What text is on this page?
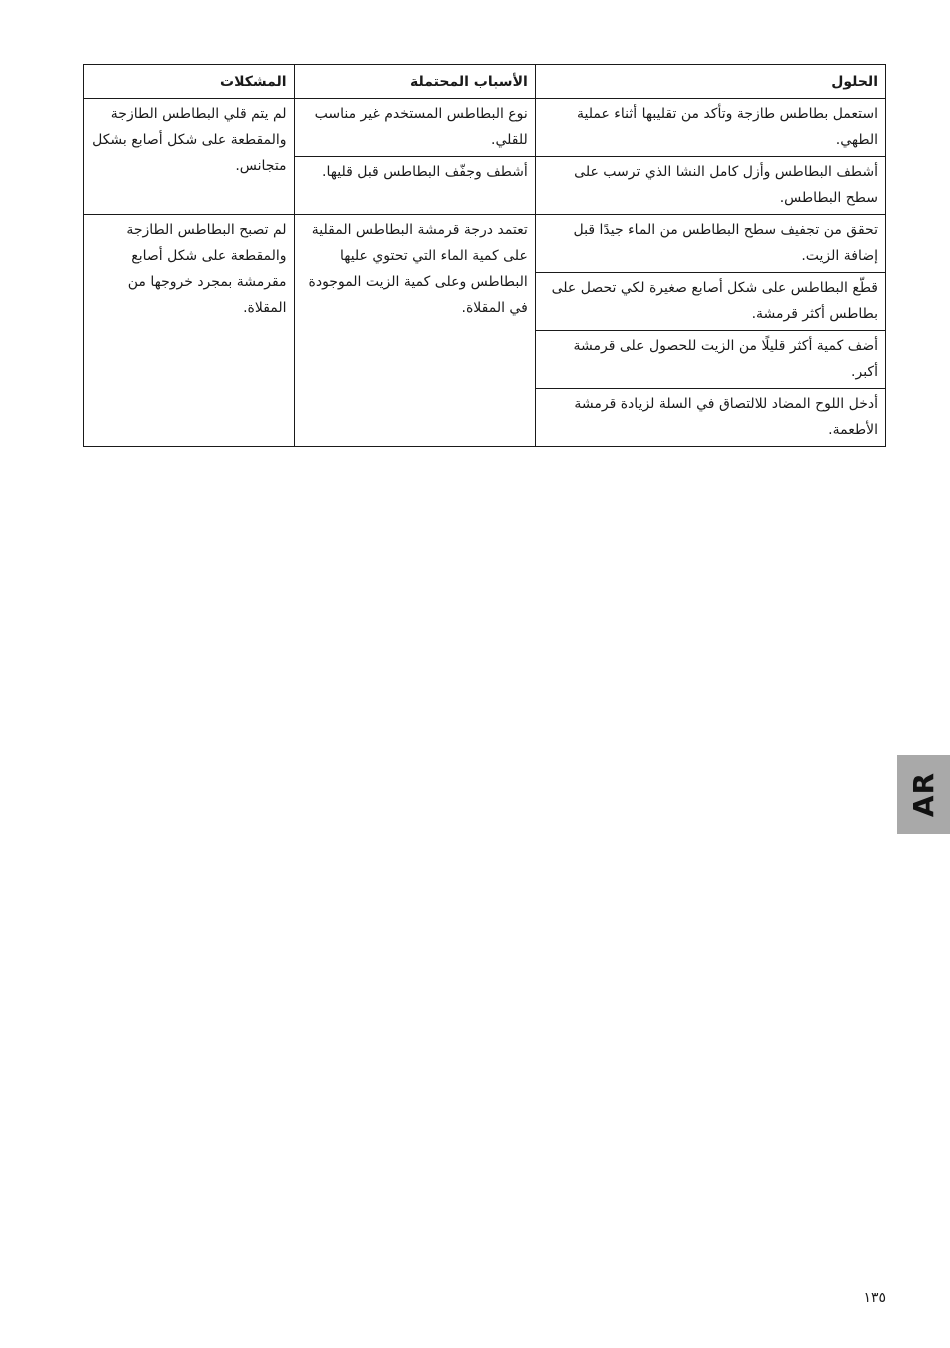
الحلول	الأسباب المحتملة	المشكلات
استعمل بطاطس طازجة وتأكد من تقليبها أثناء عملية الطهي.	نوع البطاطس المستخدم غير مناسب للقلي.	لم يتم قلي البطاطس الطازجة والمقطعة على شكل أصابع بشكل متجانس.
أشطف البطاطس وأزل كامل النشا الذي ترسب على سطح البطاطس.	أشطف وجفّف البطاطس قبل قليها.	
تحقق من تجفيف سطح البطاطس من الماء جيدًا قبل إضافة الزيت.	تعتمد درجة قرمشة البطاطس المقلية على كمية الماء التي تحتوي عليها البطاطس وعلى كمية الزيت الموجودة في المقلاة.	لم تصبح البطاطس الطازجة والمقطعة على شكل أصابع مقرمشة بمجرد خروجها من المقلاة.
قطّع البطاطس على شكل أصابع صغيرة لكي تحصل على بطاطس أكثر قرمشة.		
أضف كمية أكثر قليلًا من الزيت للحصول على قرمشة أكبر.		
أدخل اللوح المضاد للالتصاق في السلة لزيادة قرمشة الأطعمة.		
AR
١٣٥
